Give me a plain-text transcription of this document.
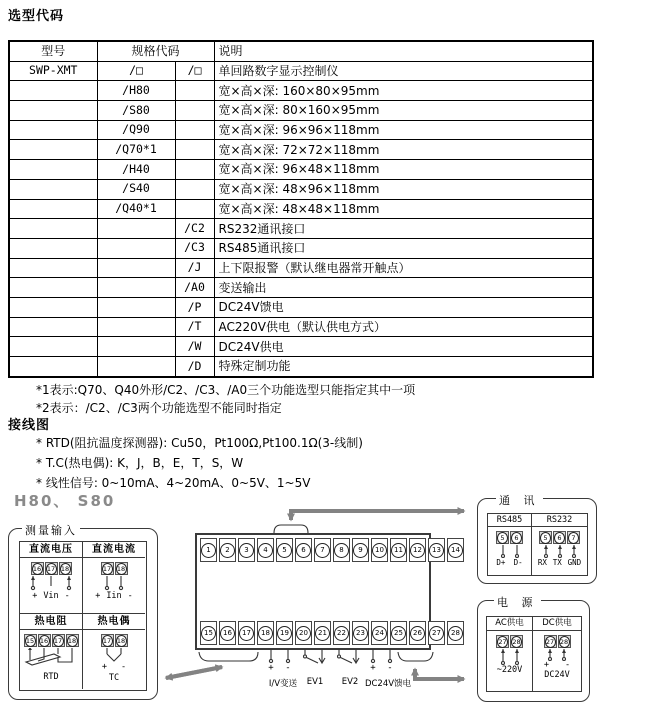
选型代码
型号	规格代码		说明
SWP-XMT	/□	/□	单回路数字显示控制仪
	/H80		宽×高×深: 160×80×95mm
	/S80		宽×高×深: 80×160×95mm
	/Q90		宽×高×深: 96×96×118mm
	/Q70*1		宽×高×深: 72×72×118mm
	/H40		宽×高×深: 96×48×118mm
	/S40		宽×高×深: 48×96×118mm
	/Q40*1		宽×高×深: 48×48×118mm
		/C2	RS232通讯接口
		/C3	RS485通讯接口
		/J	上下限报警（默认继电器常开触点）
		/A0	变送输出
		/P	DC24V馈电
		/T	AC220V供电（默认供电方式）
		/W	DC24V供电
		/D	特殊定制功能
*1表示:Q70、Q40外形/C2、/C3、/A0三个功能选型只能指定其中一项
*2表示：/C2、/C3两个功能选型不能同时指定
接线图
* RTD(阻抗温度探测器): Cu50，Pt100Ω,Pt100.1Ω(3-线制)
* T.C(热电偶): K，J，B，E，T，S，W
* 线性信号: 0~10mA、4~20mA、0~5V、1~5V
H80、 S80
直流电压
16 17 18
+ Vin -
直流电流
17 18
+ Iin -
热电阻
15 16 17 18
RTD
热电偶
17 18
+ -
TC
测量输入
1	2	3	4	5	6	7	8	9	10	11	12	13	14
15	16	17	18	19	20	21	22	23	24	25	26	27	28
RS485
5	6
D+ D-
RS232
5	6	7
RX TX GND
通 讯
AC供电
27 28
~220V
DC供电
27 28
+ -
DC24V
电 源
+ -	+ -
I/V变送 EV1 EV2 DC24V馈电
